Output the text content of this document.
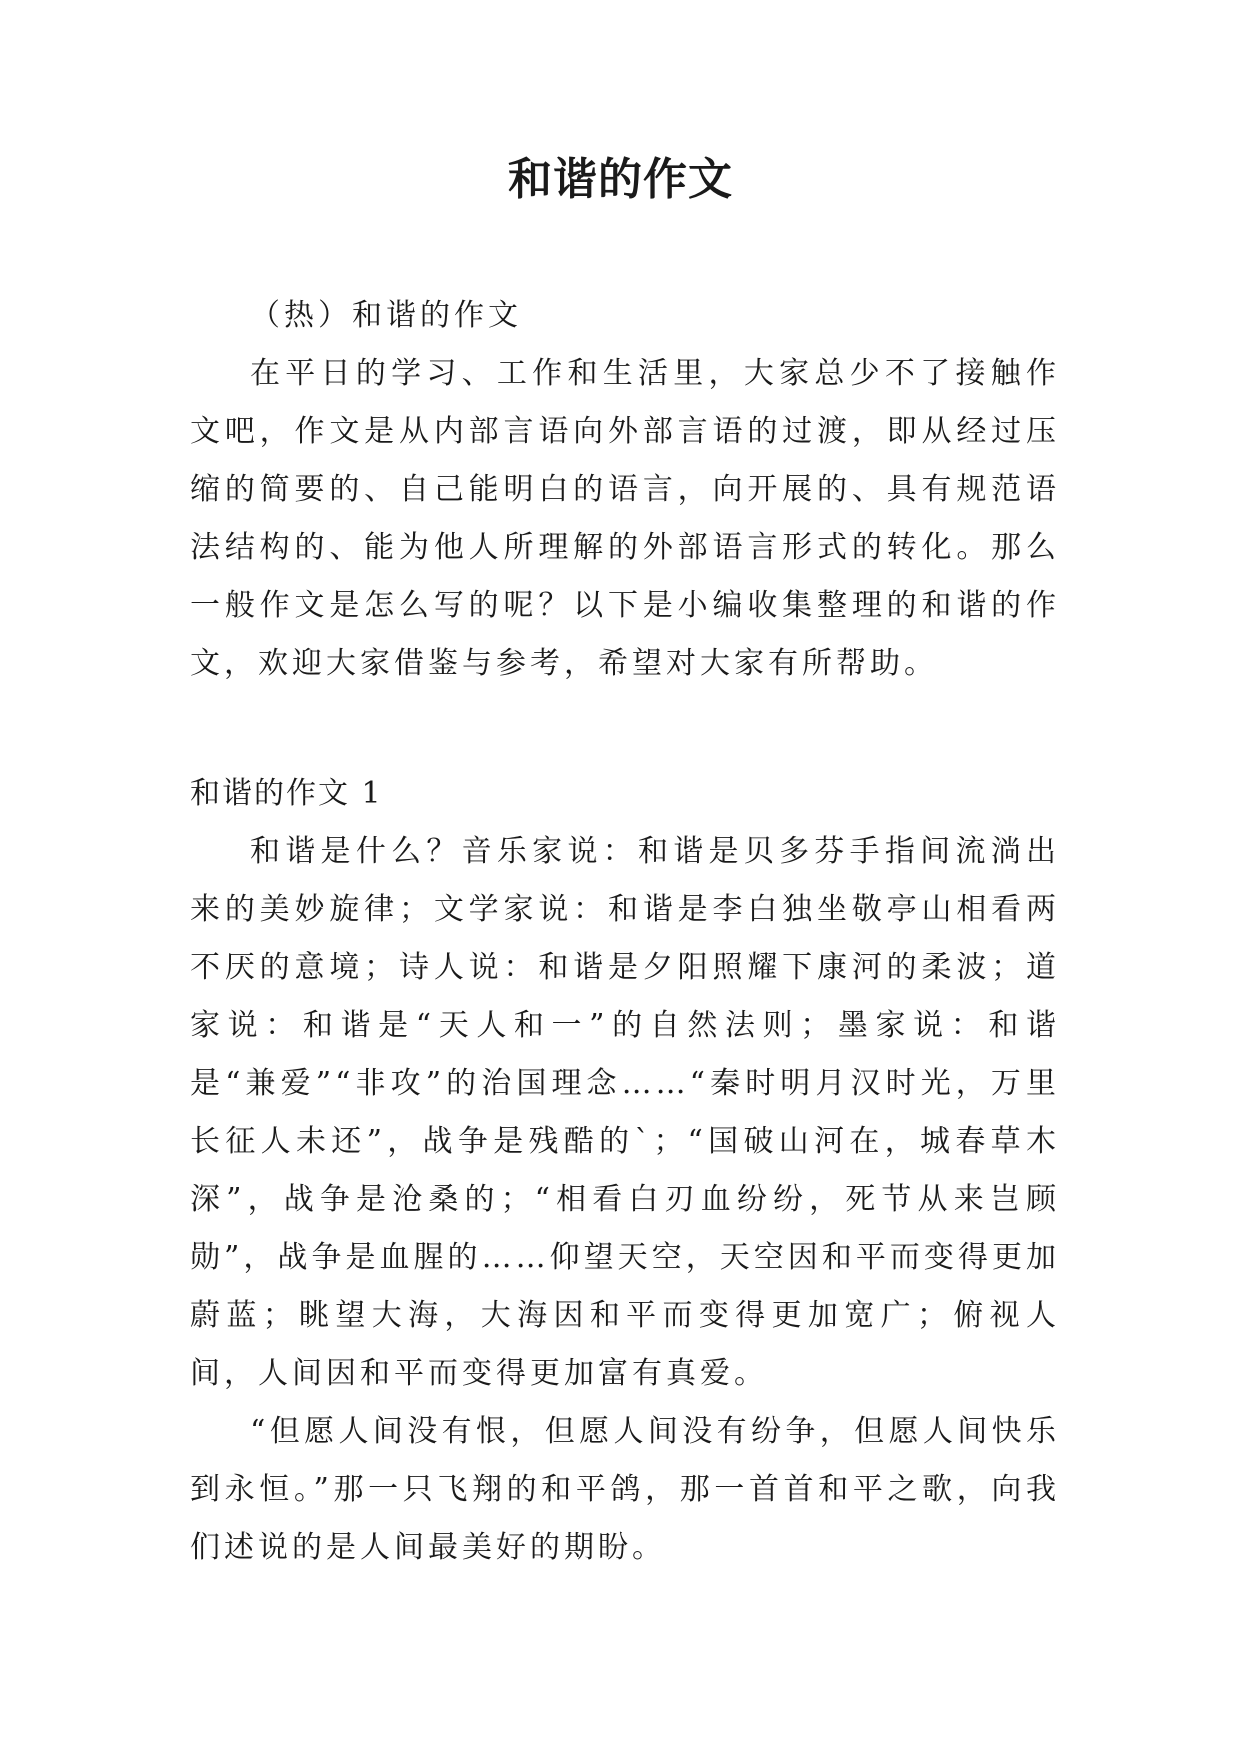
和谐的作文

（热）和谐的作文

在平日的学习、工作和生活里，大家总少不了接触作文吧，作文是从内部言语向外部言语的过渡，即从经过压缩的简要的、自己能明白的语言，向开展的、具有规范语法结构的、能为他人所理解的外部语言形式的转化。那么一般作文是怎么写的呢？以下是小编收集整理的和谐的作文，欢迎大家借鉴与参考，希望对大家有所帮助。

和谐的作文 1

和谐是什么？音乐家说：和谐是贝多芬手指间流淌出来的美妙旋律；文学家说：和谐是李白独坐敬亭山相看两不厌的意境；诗人说：和谐是夕阳照耀下康河的柔波；道家说：和谐是“天人和一”的自然法则；墨家说：和谐是“兼爱”“非攻”的治国理念……“秦时明月汉时光，万里长征人未还”，战争是残酷的`；“国破山河在，城春草木深”，战争是沧桑的；“相看白刃血纷纷，死节从来岂顾勋”，战争是血腥的……仰望天空，天空因和平而变得更加蔚蓝；眺望大海，大海因和平而变得更加宽广；俯视人间，人间因和平而变得更加富有真爱。

“但愿人间没有恨，但愿人间没有纷争，但愿人间快乐到永恒。”那一只飞翔的和平鸽，那一首首和平之歌，向我们述说的是人间最美好的期盼。
